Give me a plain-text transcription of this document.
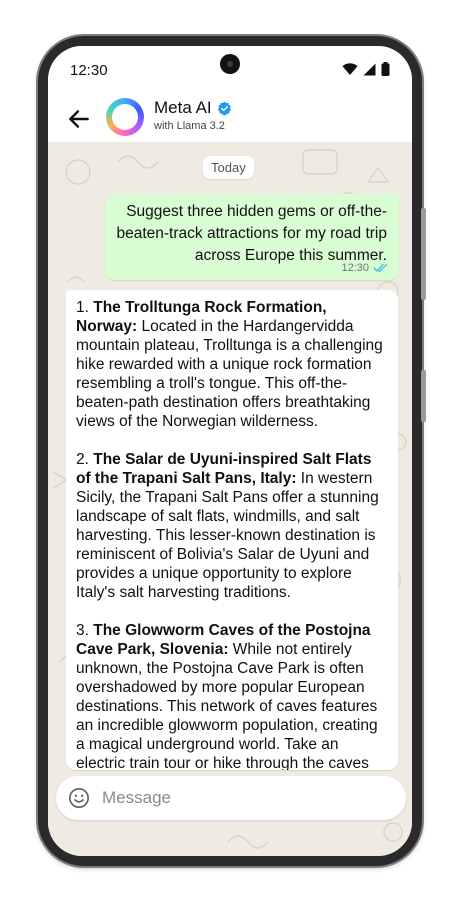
12:30
Meta AI
with Llama 3.2
Today
Suggest three hidden gems or off-the-beaten-track attractions for my road trip across Europe this summer.
12:30

1. The Trolltunga Rock Formation, Norway: Located in the Hardangervidda mountain plateau, Trolltunga is a challenging hike rewarded with a unique rock formation resembling a troll's tongue. This off-the-beaten-path destination offers breathtaking views of the Norwegian wilderness.

2. The Salar de Uyuni-inspired Salt Flats of the Trapani Salt Pans, Italy: In western Sicily, the Trapani Salt Pans offer a stunning landscape of salt flats, windmills, and salt harvesting. This lesser-known destination is reminiscent of Bolivia's Salar de Uyuni and provides a unique opportunity to explore Italy's salt harvesting traditions.

3. The Glowworm Caves of the Postojna Cave Park, Slovenia: While not entirely unknown, the Postojna Cave Park is often overshadowed by more popular European destinations. This network of caves features an incredible glowworm population, creating a magical underground world. Take an electric train tour or hike through the caves

Message
